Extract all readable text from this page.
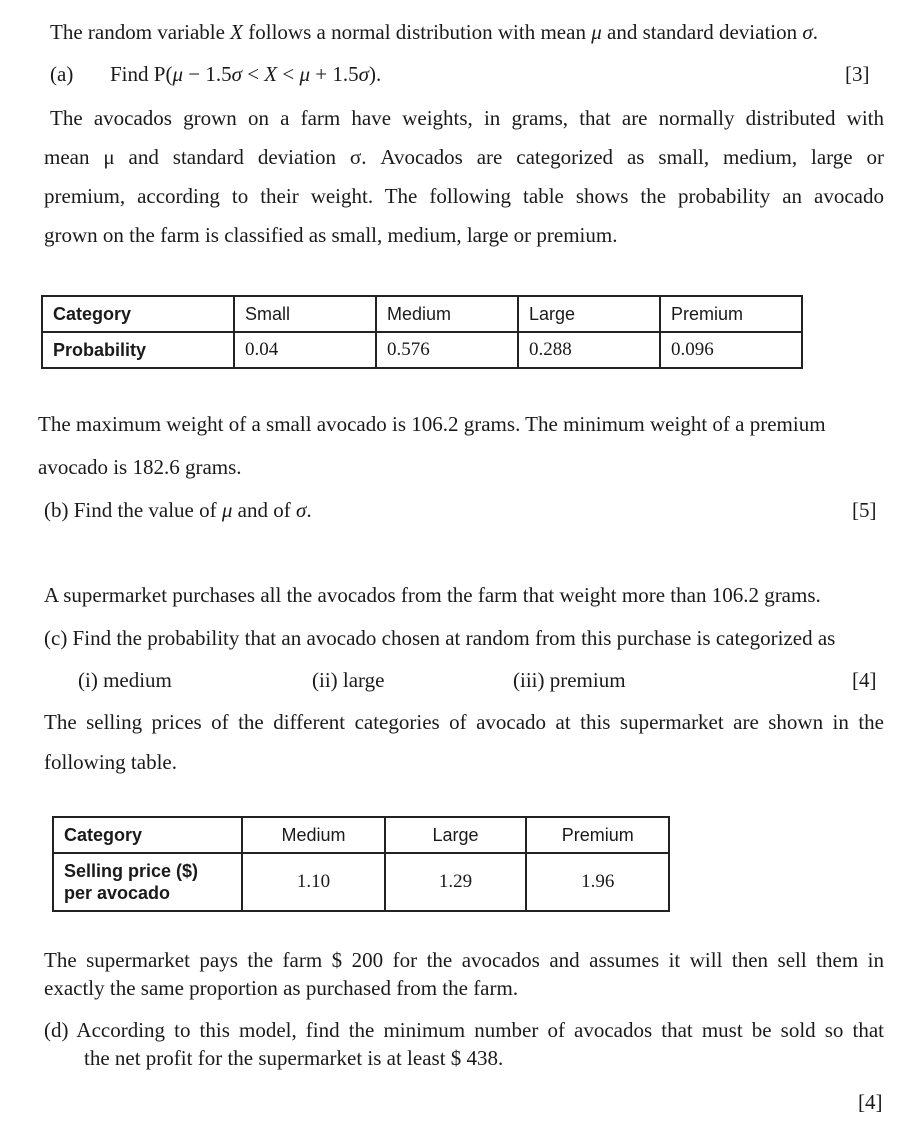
The random variable X follows a normal distribution with mean μ and standard deviation σ.
(a) Find P(μ − 1.5σ < X < μ + 1.5σ).	[3]
The avocados grown on a farm have weights, in grams, that are normally distributed with
mean μ and standard deviation σ. Avocados are categorized as small, medium, large or
premium, according to their weight. The following table shows the probability an avocado
grown on the farm is classified as small, medium, large or premium.
Category	Small	Medium	Large	Premium
Probability	0.04	0.576	0.288	0.096
The maximum weight of a small avocado is 106.2 grams. The minimum weight of a premium
avocado is 182.6 grams.
(b) Find the value of μ and of σ.	[5]
A supermarket purchases all the avocados from the farm that weight more than 106.2 grams.
(c) Find the probability that an avocado chosen at random from this purchase is categorized as
(i) medium	(ii) large	(iii) premium	[4]
The selling prices of the different categories of avocado at this supermarket are shown in the
following table.
Category	Medium	Large	Premium
Selling price ($)
per avocado	1.10	1.29	1.96
The supermarket pays the farm $ 200 for the avocados and assumes it will then sell them in
exactly the same proportion as purchased from the farm.
(d) According to this model, find the minimum number of avocados that must be sold so that
the net profit for the supermarket is at least $ 438.
[4]
